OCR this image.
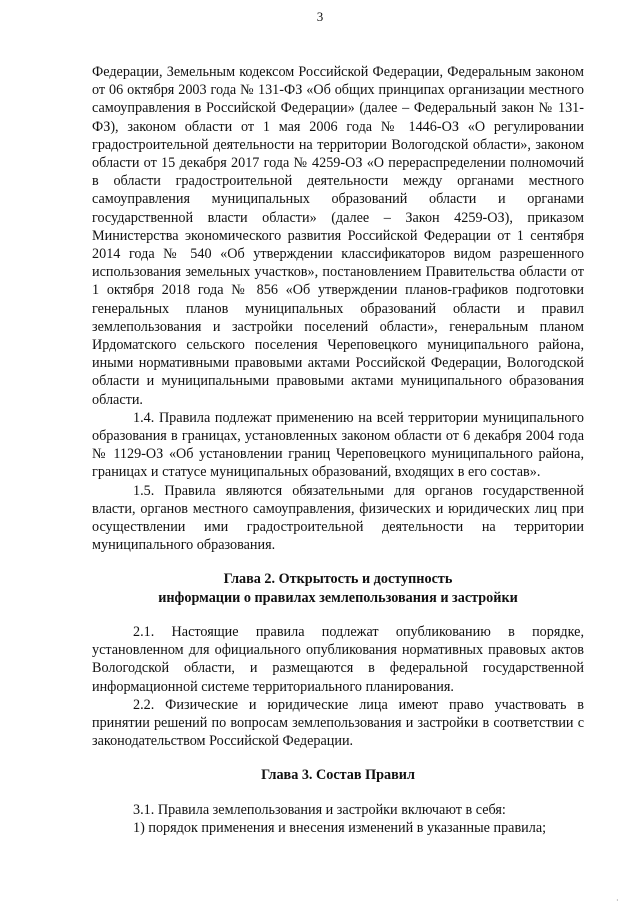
3

Федерации, Земельным кодексом Российской Федерации, Федеральным законом от 06 октября 2003 года № 131-ФЗ «Об общих принципах организации местного самоуправления в Российской Федерации» (далее – Федеральный закон № 131-ФЗ), законом области от 1 мая 2006 года № 1446-ОЗ «О регулировании градостроительной деятельности на территории Вологодской области», законом области от 15 декабря 2017 года № 4259-ОЗ «О перераспределении полномочий в области градостроительной деятельности между органами местного самоуправления муниципальных образований области и органами государственной власти области» (далее – Закон 4259-ОЗ), приказом Министерства экономического развития Российской Федерации от 1 сентября 2014 года № 540 «Об утверждении классификаторов видом разрешенного использования земельных участков», постановлением Правительства области от 1 октября 2018 года № 856 «Об утверждении планов-графиков подготовки генеральных планов муниципальных образований области и правил землепользования и застройки поселений области», генеральным планом Ирдоматского сельского поселения Череповецкого муниципального района, иными нормативными правовыми актами Российской Федерации, Вологодской области и муниципальными правовыми актами муниципального образования области.

1.4. Правила подлежат применению на всей территории муниципального образования в границах, установленных законом области от 6 декабря 2004 года № 1129-ОЗ «Об установлении границ Череповецкого муниципального района, границах и статусе муниципальных образований, входящих в его состав».

1.5. Правила являются обязательными для органов государственной власти, органов местного самоуправления, физических и юридических лиц при осуществлении ими градостроительной деятельности на территории муниципального образования.

Глава 2. Открытость и доступность
информации о правилах землепользования и застройки

2.1. Настоящие правила подлежат опубликованию в порядке, установленном для официального опубликования нормативных правовых актов Вологодской области, и размещаются в федеральной государственной информационной системе территориального планирования.

2.2. Физические и юридические лица имеют право участвовать в принятии решений по вопросам землепользования и застройки в соответствии с законодательством Российской Федерации.

Глава 3. Состав Правил

3.1. Правила землепользования и застройки включают в себя:

1) порядок применения и внесения изменений в указанные правила;

·
